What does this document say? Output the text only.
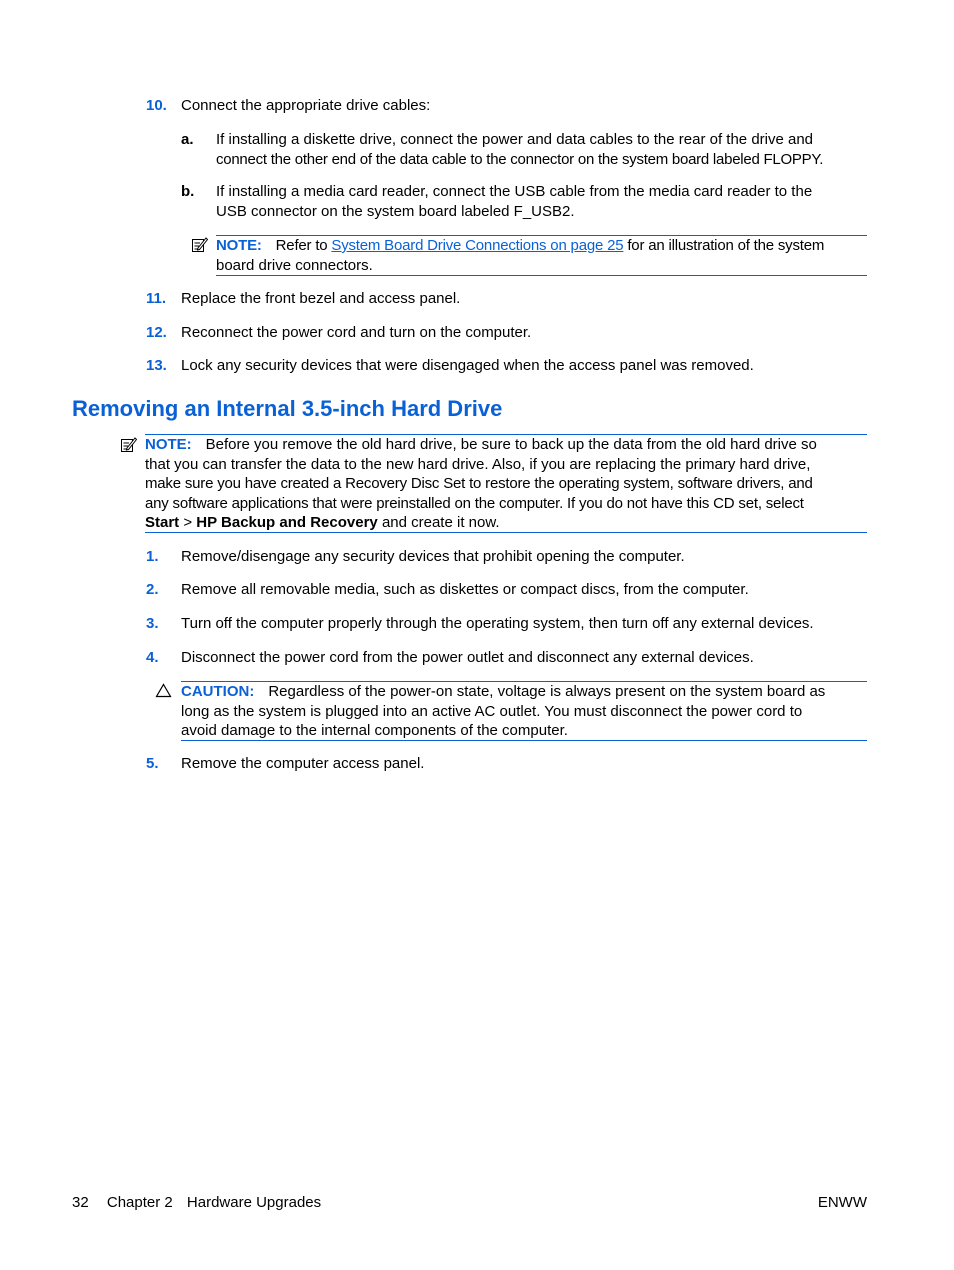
10. Connect the appropriate drive cables:
a. If installing a diskette drive, connect the power and data cables to the rear of the drive and
connect the other end of the data cable to the connector on the system board labeled FLOPPY.
b. If installing a media card reader, connect the USB cable from the media card reader to the
USB connector on the system board labeled F_USB2.
NOTE: Refer to System Board Drive Connections on page 25 for an illustration of the system
board drive connectors.
11. Replace the front bezel and access panel.
12. Reconnect the power cord and turn on the computer.
13. Lock any security devices that were disengaged when the access panel was removed.
Removing an Internal 3.5-inch Hard Drive
NOTE: Before you remove the old hard drive, be sure to back up the data from the old hard drive so
that you can transfer the data to the new hard drive. Also, if you are replacing the primary hard drive,
make sure you have created a Recovery Disc Set to restore the operating system, software drivers, and
any software applications that were preinstalled on the computer. If you do not have this CD set, select
Start > HP Backup and Recovery and create it now.
1. Remove/disengage any security devices that prohibit opening the computer.
2. Remove all removable media, such as diskettes or compact discs, from the computer.
3. Turn off the computer properly through the operating system, then turn off any external devices.
4. Disconnect the power cord from the power outlet and disconnect any external devices.
CAUTION: Regardless of the power-on state, voltage is always present on the system board as
long as the system is plugged into an active AC outlet. You must disconnect the power cord to
avoid damage to the internal components of the computer.
5. Remove the computer access panel.
32 Chapter 2 Hardware Upgrades	ENWW
